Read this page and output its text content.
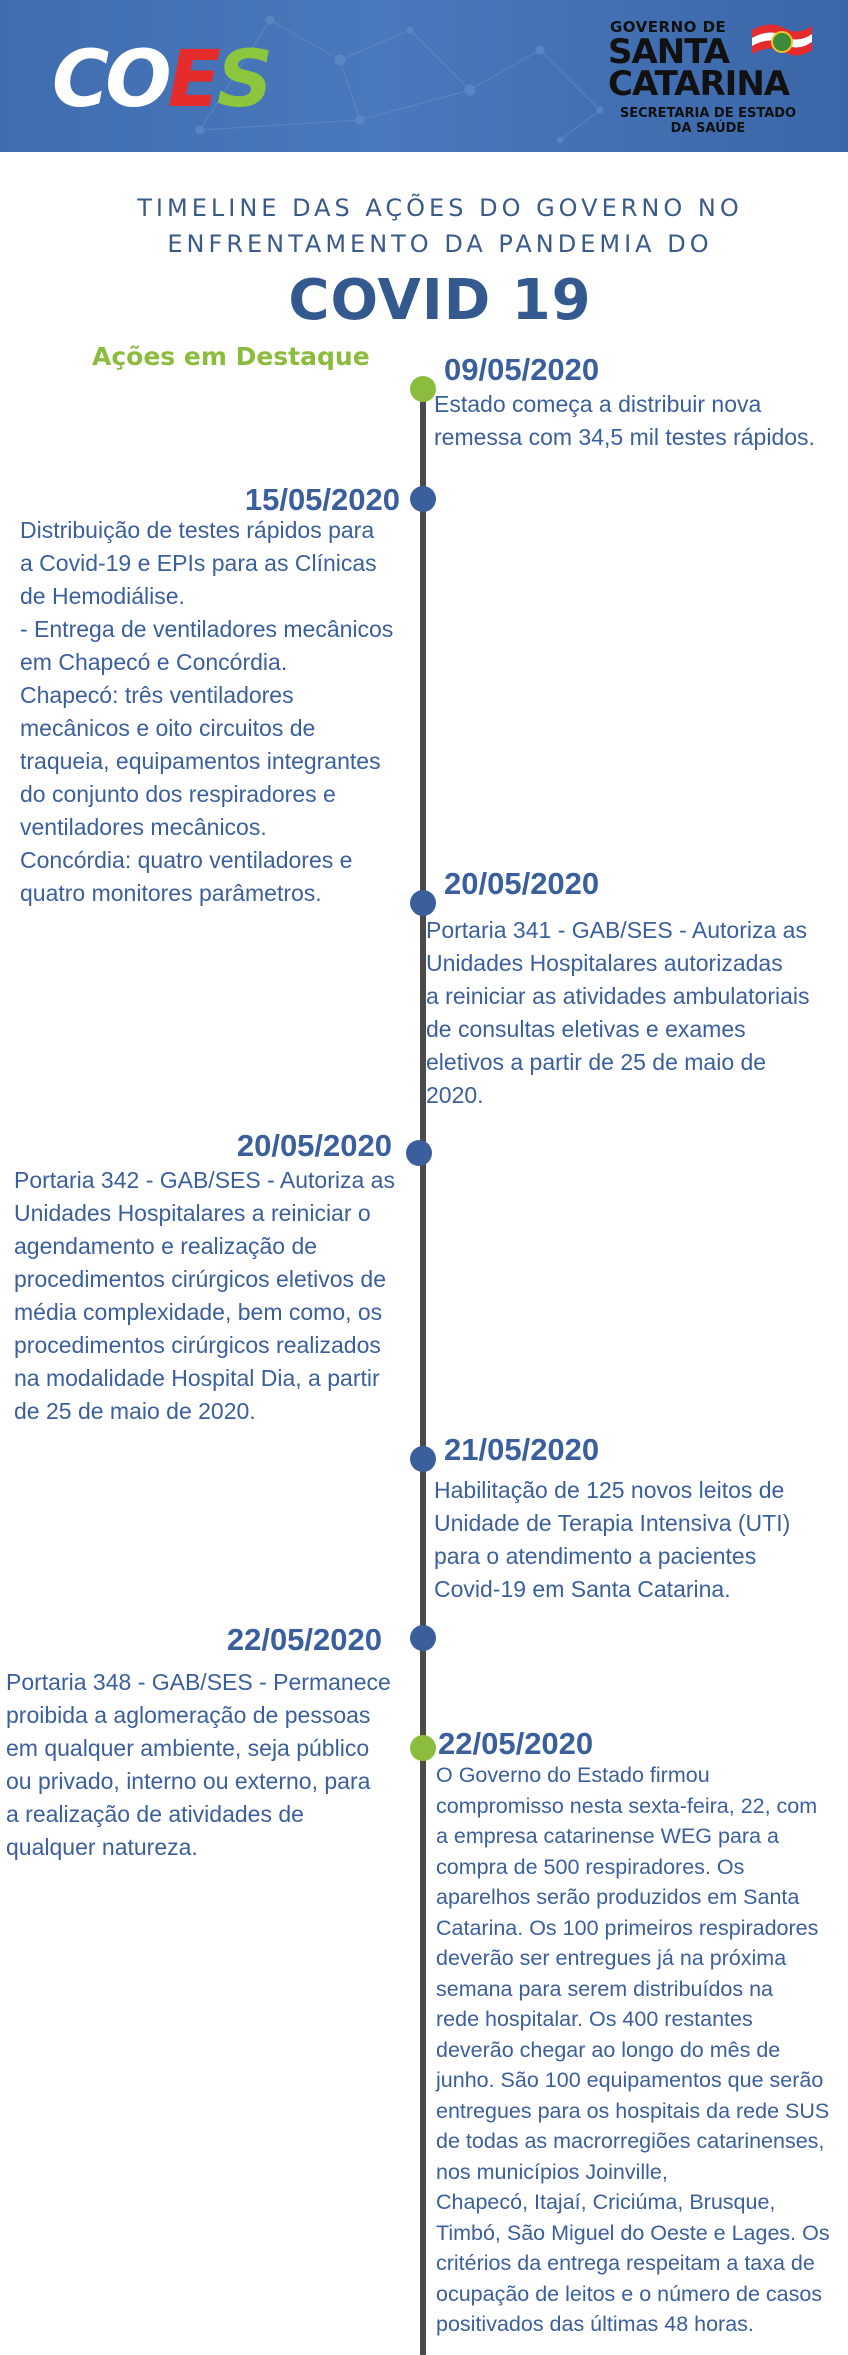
COES
GOVERNO DE
SANTA
CATARINA
SECRETARIA DE ESTADO
DA SAÚDE
TIMELINE DAS AÇÕES DO GOVERNO NO
ENFRENTAMENTO DA PANDEMIA DO
COVID 19
Ações em Destaque 09/05/2020
Estado começa a distribuir nova
remessa com 34,5 mil testes rápidos.
15/05/2020
Distribuição de testes rápidos para
a Covid-19 e EPIs para as Clínicas
de Hemodiálise.
- Entrega de ventiladores mecânicos
em Chapecó e Concórdia.
Chapecó: três ventiladores
mecânicos e oito circuitos de
traqueia, equipamentos integrantes
do conjunto dos respiradores e
ventiladores mecânicos.
Concórdia: quatro ventiladores e
quatro monitores parâmetros.	20/05/2020
Portaria 341 - GAB/SES - Autoriza as
Unidades Hospitalares autorizadas
a reiniciar as atividades ambulatoriais
de consultas eletivas e exames
eletivos a partir de 25 de maio de
2020.
20/05/2020
Portaria 342 - GAB/SES - Autoriza as
Unidades Hospitalares a reiniciar o
agendamento e realização de
procedimentos cirúrgicos eletivos de
média complexidade, bem como, os
procedimentos cirúrgicos realizados
na modalidade Hospital Dia, a partir
de 25 de maio de 2020.
21/05/2020
Habilitação de 125 novos leitos de
Unidade de Terapia Intensiva (UTI)
para o atendimento a pacientes
Covid-19 em Santa Catarina.
22/05/2020
Portaria 348 - GAB/SES - Permanece
proibida a aglomeração de pessoas
em qualquer ambiente, seja público
ou privado, interno ou externo, para
a realização de atividades de
qualquer natureza.
22/05/2020
O Governo do Estado firmou
compromisso nesta sexta-feira, 22, com
a empresa catarinense WEG para a
compra de 500 respiradores. Os
aparelhos serão produzidos em Santa
Catarina. Os 100 primeiros respiradores
deverão ser entregues já na próxima
semana para serem distribuídos na
rede hospitalar. Os 400 restantes
deverão chegar ao longo do mês de
junho. São 100 equipamentos que serão
entregues para os hospitais da rede SUS
de todas as macrorregiões catarinenses,
nos municípios Joinville,
Chapecó, Itajaí, Criciúma, Brusque,
Timbó, São Miguel do Oeste e Lages. Os
critérios da entrega respeitam a taxa de
ocupação de leitos e o número de casos
positivados das últimas 48 horas.
